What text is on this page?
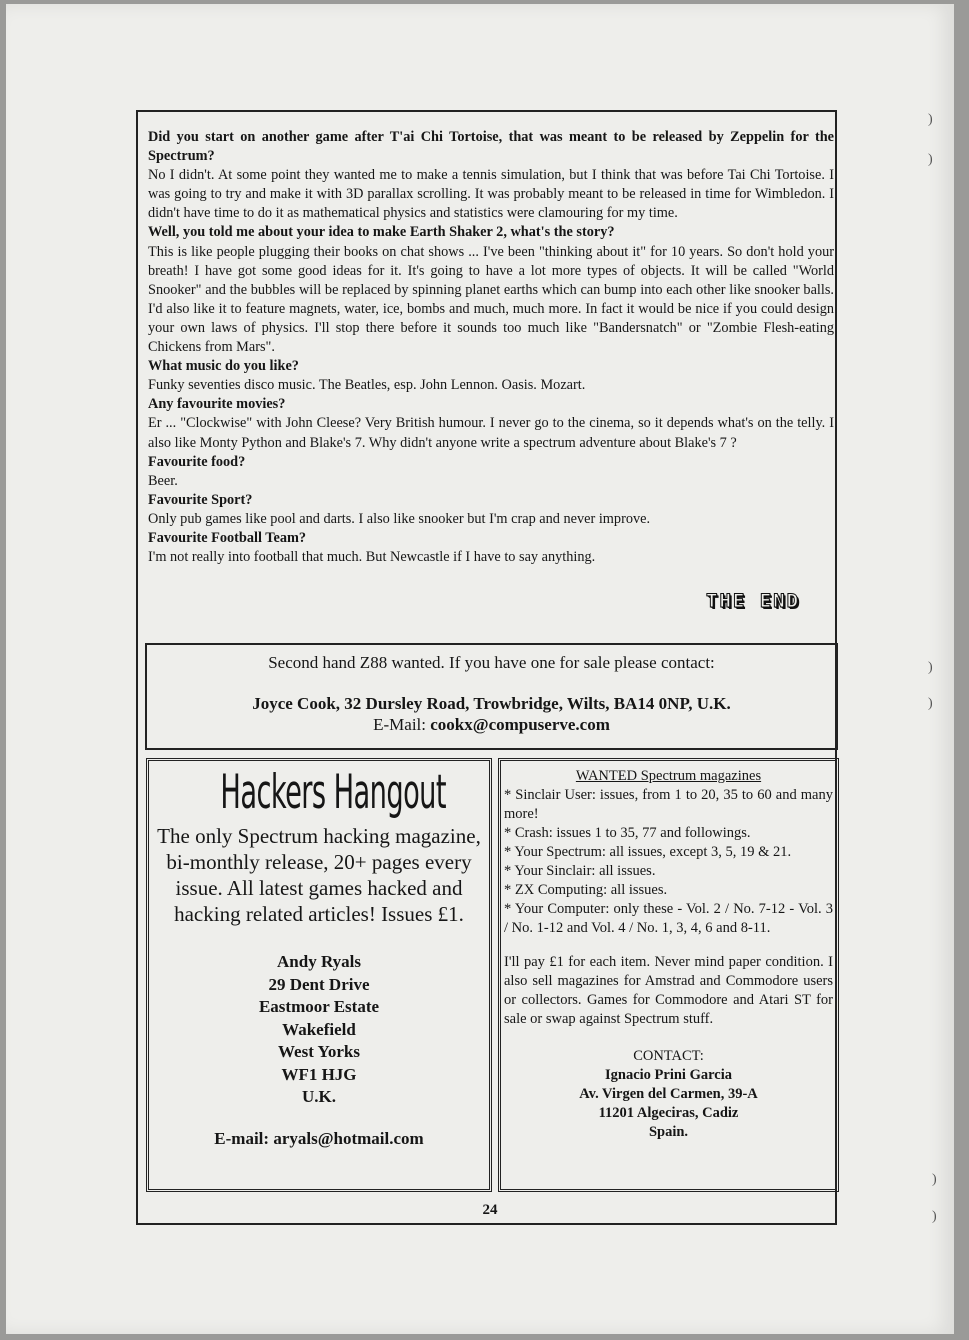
)
)
)
)
)
)

Did you start on another game after T'ai Chi Tortoise, that was meant to be released by Zeppelin for the Spectrum?

No I didn't. At some point they wanted me to make a tennis simulation, but I think that was before Tai Chi Tortoise. I was going to try and make it with 3D parallax scrolling. It was probably meant to be released in time for Wimbledon. I didn't have time to do it as mathematical physics and statistics were clamouring for my time.

Well, you told me about your idea to make Earth Shaker 2, what's the story?

This is like people plugging their books on chat shows ... I've been "thinking about it" for 10 years. So don't hold your breath! I have got some good ideas for it. It's going to have a lot more types of objects. It will be called "World Snooker" and the bubbles will be replaced by spinning planet earths which can bump into each other like snooker balls. I'd also like it to feature magnets, water, ice, bombs and much, much more. In fact it would be nice if you could design your own laws of physics. I'll stop there before it sounds too much like "Bandersnatch" or "Zombie Flesh-eating Chickens from Mars".

What music do you like?

Funky seventies disco music. The Beatles, esp. John Lennon. Oasis. Mozart.

Any favourite movies?

Er ... "Clockwise" with John Cleese? Very British humour. I never go to the cinema, so it depends what's on the telly. I also like Monty Python and Blake's 7. Why didn't anyone write a spectrum adventure about Blake's 7 ?

Favourite food?

Beer.

Favourite Sport?

Only pub games like pool and darts. I also like snooker but I'm crap and never improve.

Favourite Football Team?

I'm not really into football that much. But Newcastle if I have to say anything.

THE END
Second hand Z88 wanted. If you have one for sale please contact:
Joyce Cook, 32 Dursley Road, Trowbridge, Wilts, BA14 0NP, U.K.
E-Mail: cookx@compuserve.com
Hackers Hangout
The only Spectrum hacking magazine, bi-monthly release, 20+ pages every issue. All latest games hacked and hacking related articles! Issues £1.
Andy Ryals
29 Dent Drive
Eastmoor Estate
Wakefield
West Yorks
WF1 HJG
U.K.
E-mail: aryals@hotmail.com
WANTED Spectrum magazines
* Sinclair User: issues, from 1 to 20, 35 to 60 and many more!
* Crash: issues 1 to 35, 77 and followings.
* Your Spectrum: all issues, except 3, 5, 19 & 21.
* Your Sinclair: all issues.
* ZX Computing: all issues.
* Your Computer: only these - Vol. 2 / No. 7-12 - Vol. 3 / No. 1-12 and Vol. 4 / No. 1, 3, 4, 6 and 8-11.
I'll pay £1 for each item. Never mind paper condition. I also sell magazines for Amstrad and Commodore users or collectors. Games for Commodore and Atari ST for sale or swap against Spectrum stuff.
CONTACT:
Ignacio Prini Garcia
Av. Virgen del Carmen, 39-A
11201 Algeciras, Cadiz
Spain.
24
